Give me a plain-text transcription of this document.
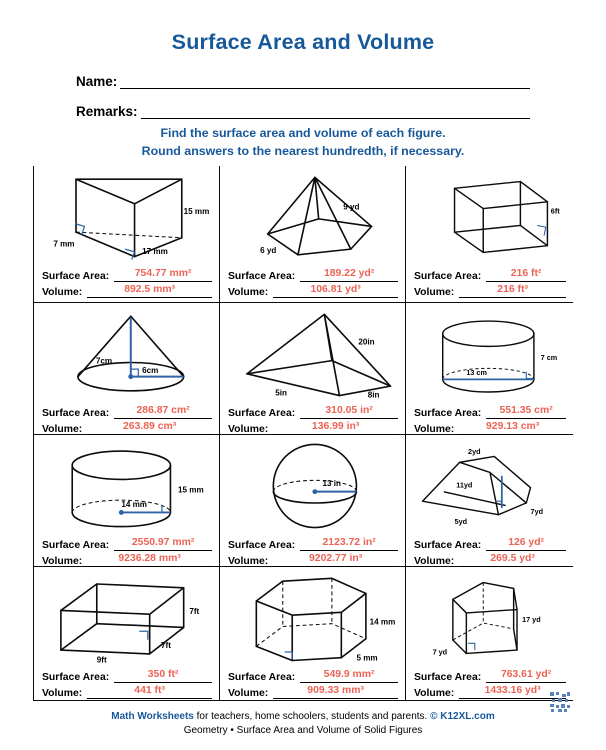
Surface Area and Volume
Name:
Remarks:
Find the surface area and volume of each figure.
Round answers to the nearest hundredth, if necessary.
15 mm
7 mm
17 mm
Surface Area:	754.77 mm²
Volume:	892.5 mm³
9 yd
6 yd
Surface Area:	189.22 yd²
Volume:	106.81 yd³
6ft
Surface Area:	216 ft²
Volume:	216 ft³
7cm
6cm
Surface Area:	286.87 cm²
Volume:	263.89 cm³
20in
5in	8in
Surface Area:	310.05 in²
Volume:	136.99 in³
7 cm
13 cm
Surface Area:	551.35 cm²
Volume:	929.13 cm³
15 mm
14 mm
Surface Area:	2550.97 mm²
Volume:	9236.28 mm³
13 in
Surface Area:	2123.72 in²
Volume:	9202.77 in³
2yd
11yd
5yd
7yd
Surface Area:	126 yd²
Volume:	269.5 yd³
7ft
7ft
9ft
Surface Area:	350 ft²
Volume:	441 ft³
14 mm
5 mm
Surface Area:	549.9 mm²
Volume:	909.33 mm³
17 yd
7 yd
Surface Area:	763.61 yd²
Volume:	1433.16 yd³
Math Worksheets for teachers, home schoolers, students and parents. © K12XL.com
Geometry • Surface Area and Volume of Solid Figures
